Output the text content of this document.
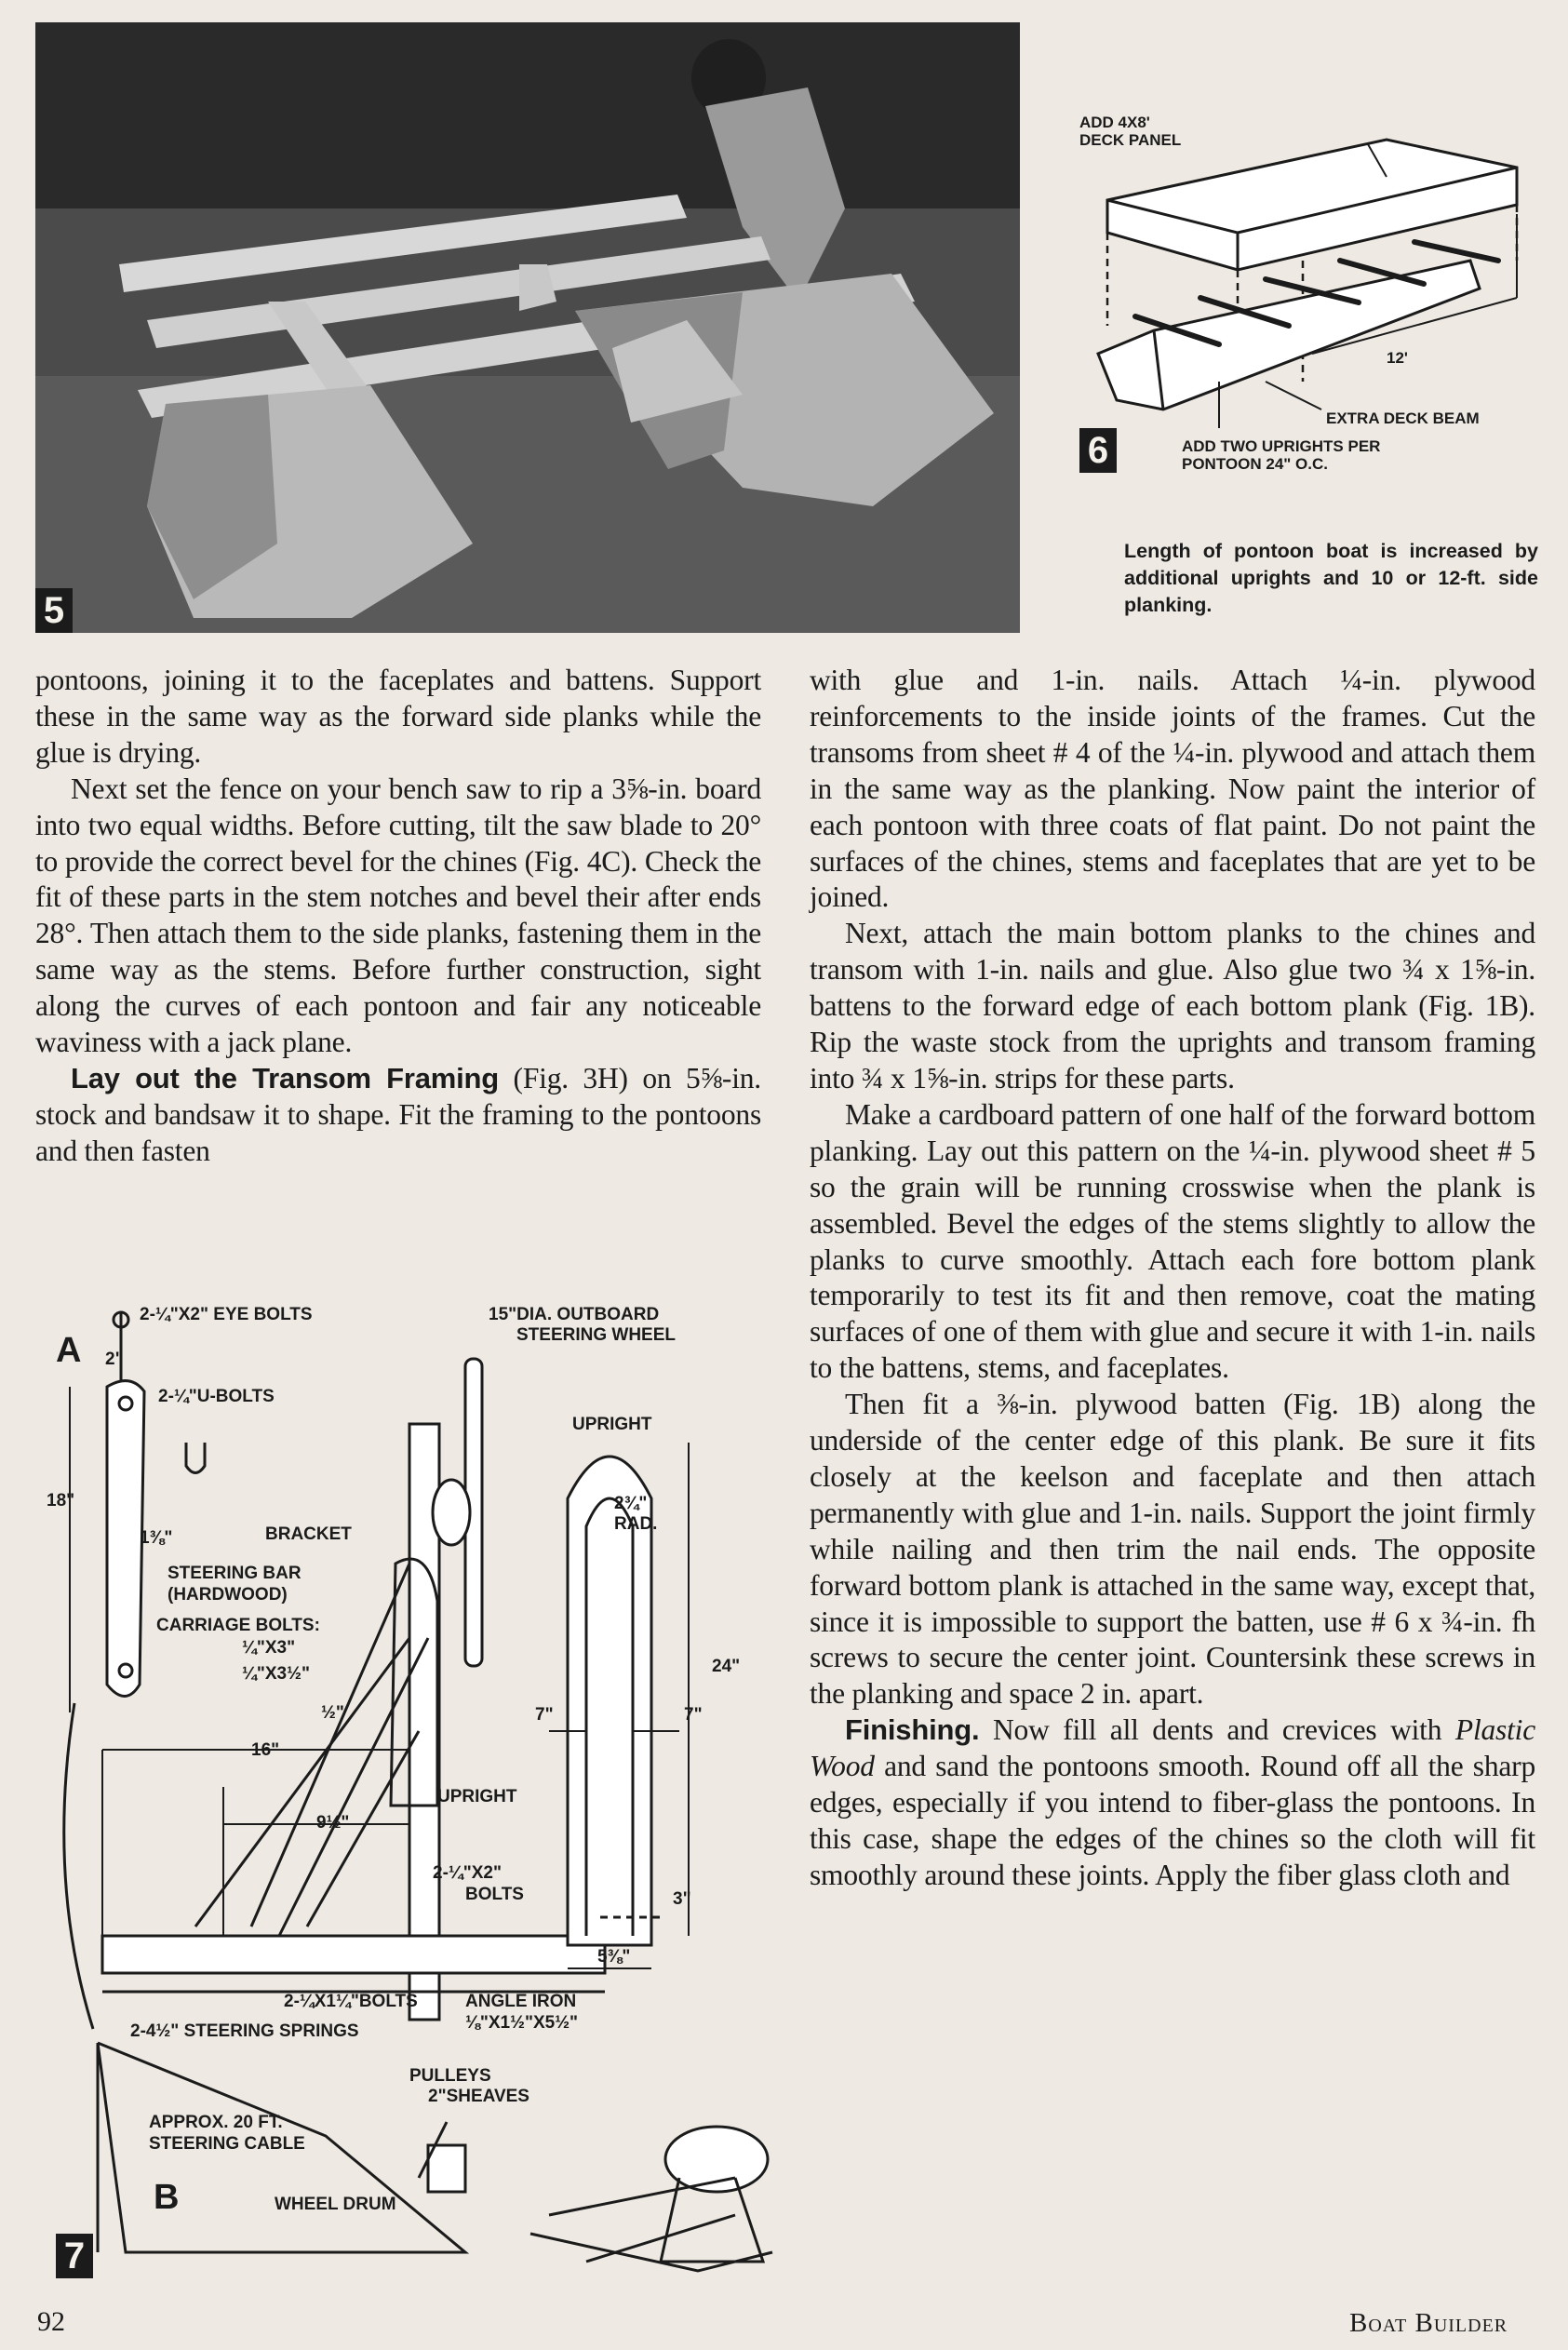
5
ADD 4X8'
DECK PANEL
12'
EXTRA DECK BEAM
ADD TWO UPRIGHTS PER
PONTOON 24" O.C.
6
Length of pontoon boat is increased by additional uprights and 10 or 12-ft. side planking.

pontoons, joining it to the faceplates and battens. Support these in the same way as the forward side planks while the glue is drying.

Next set the fence on your bench saw to rip a 3⅝-in. board into two equal widths. Before cutting, tilt the saw blade to 20° to provide the correct bevel for the chines (Fig. 4C). Check the fit of these parts in the stem notches and bevel their after ends 28°. Then attach them to the side planks, fastening them in the same way as the stems. Before further construction, sight along the curves of each pontoon and fair any noticeable waviness with a jack plane.

Lay out the Transom Framing (Fig. 3H) on 5⅝-in. stock and bandsaw it to shape. Fit the framing to the pontoons and then fasten

with glue and 1-in. nails. Attach ¼-in. plywood reinforcements to the inside joints of the frames. Cut the transoms from sheet # 4 of the ¼-in. plywood and attach them in the same way as the planking. Now paint the interior of each pontoon with three coats of flat paint. Do not paint the surfaces of the chines, stems and faceplates that are yet to be joined.

Next, attach the main bottom planks to the chines and transom with 1-in. nails and glue. Also glue two ¾ x 1⅝-in. battens to the forward edge of each bottom plank (Fig. 1B). Rip the waste stock from the uprights and transom framing into ¾ x 1⅝-in. strips for these parts.

Make a cardboard pattern of one half of the forward bottom planking. Lay out this pattern on the ¼-in. plywood sheet # 5 so the grain will be running crosswise when the plank is assembled. Bevel the edges of the stems slightly to allow the planks to curve smoothly. Attach each fore bottom plank temporarily to test its fit and then remove, coat the mating surfaces of one of them with glue and secure it with 1-in. nails to the battens, stems, and faceplates.

Then fit a ⅜-in. plywood batten (Fig. 1B) along the underside of the center edge of this plank. Be sure it fits closely at the keelson and faceplate and then attach permanently with glue and 1-in. nails. Support the joint firmly while nailing and then trim the nail ends. The opposite forward bottom plank is attached in the same way, except that, since it is impossible to support the batten, use # 6 x ¾-in. fh screws to secure the center joint. Countersink these screws in the planking and space 2 in. apart.

Finishing. Now fill all dents and crevices with Plastic Wood and sand the pontoons smooth. Round off all the sharp edges, especially if you intend to fiber-glass the pontoons. In this case, shape the edges of the chines so the cloth will fit smoothly around these joints. Apply the fiber glass cloth and

A
B
2-¼"X2" EYE BOLTS	15"DIA. OUTBOARD
STEERING WHEEL
2"
2-¼"U-BOLTS
UPRIGHT
18"
1⅜"	BRACKET
2¾"
RAD.
STEERING BAR
(HARDWOOD)
CARRIAGE BOLTS:
¼"X3"
¼"X3½"	24"
7"	7"
½"
16"
9½"
UPRIGHT
2-¼"X2"
BOLTS	3"
5⅜"
2-¼X1¼"BOLTS	ANGLE IRON
⅛"X1½"X5½"
2-4½" STEERING SPRINGS
PULLEYS
2"SHEAVES
APPROX. 20 FT.
STEERING CABLE
WHEEL DRUM
7
92	Boat Builder
